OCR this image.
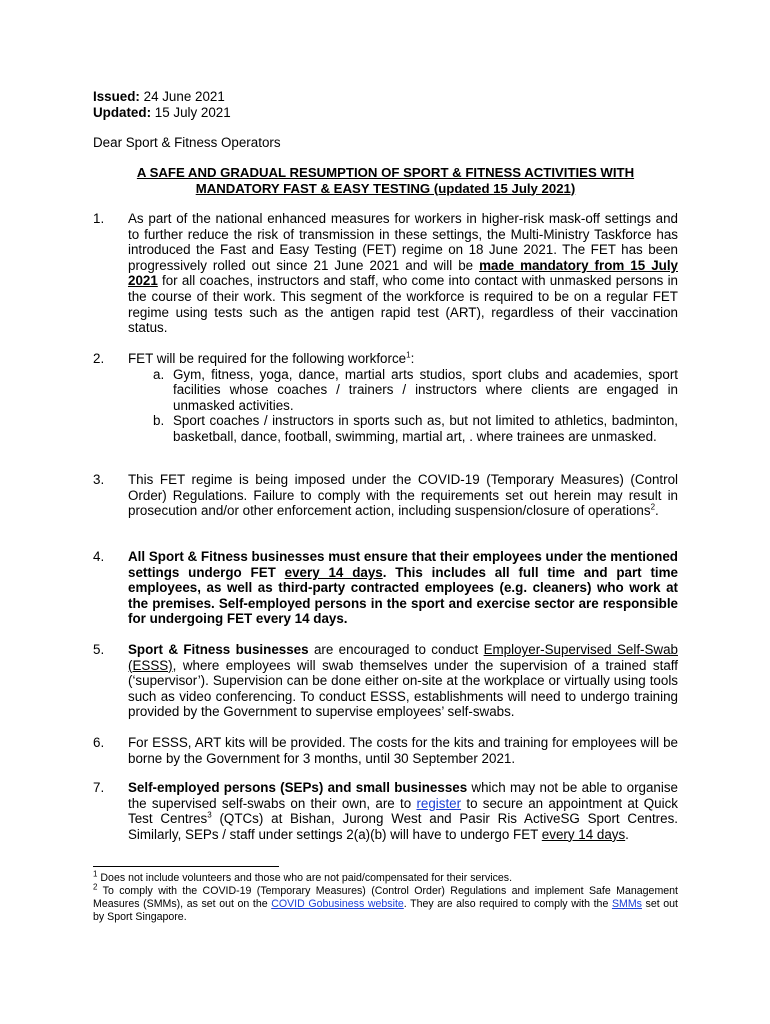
Issued: 24 June 2021
Updated: 15 July 2021
Dear Sport & Fitness Operators
A SAFE AND GRADUAL RESUMPTION OF SPORT & FITNESS ACTIVITIES WITH
MANDATORY FAST & EASY TESTING (updated 15 July 2021)
1. As part of the national enhanced measures for workers in higher-risk mask-off settings and to further reduce the risk of transmission in these settings, the Multi-Ministry Taskforce has introduced the Fast and Easy Testing (FET) regime on 18 June 2021. The FET has been progressively rolled out since 21 June 2021 and will be made mandatory from 15 July 2021 for all coaches, instructors and staff, who come into contact with unmasked persons in the course of their work. This segment of the workforce is required to be on a regular FET regime using tests such as the antigen rapid test (ART), regardless of their vaccination status.
2. FET will be required for the following workforce$^1$:
a. Gym, fitness, yoga, dance, martial arts studios, sport clubs and academies, sport facilities whose coaches / trainers / instructors where clients are engaged in unmasked activities.
b. Sport coaches / instructors in sports such as, but not limited to athletics, badminton, basketball, dance, football, swimming, martial art, . where trainees are unmasked.
3. This FET regime is being imposed under the COVID-19 (Temporary Measures) (Control Order) Regulations. Failure to comply with the requirements set out herein may result in prosecution and/or other enforcement action, including suspension/closure of operations$^2$.
4. All Sport & Fitness businesses must ensure that their employees under the mentioned settings undergo FET every 14 days. This includes all full time and part time employees, as well as third-party contracted employees (e.g. cleaners) who work at the premises. Self-employed persons in the sport and exercise sector are responsible for undergoing FET every 14 days.
5. Sport & Fitness businesses are encouraged to conduct Employer-Supervised Self-Swab (ESSS), where employees will swab themselves under the supervision of a trained staff (‘supervisor’). Supervision can be done either on-site at the workplace or virtually using tools such as video conferencing. To conduct ESSS, establishments will need to undergo training provided by the Government to supervise employees’ self-swabs.
6. For ESSS, ART kits will be provided. The costs for the kits and training for employees will be borne by the Government for 3 months, until 30 September 2021.
7. Self-employed persons (SEPs) and small businesses which may not be able to organise the supervised self-swabs on their own, are to register to secure an appointment at Quick Test Centres$^3$ (QTCs) at Bishan, Jurong West and Pasir Ris ActiveSG Sport Centres. Similarly, SEPs / staff under settings 2(a)(b) will have to undergo FET every 14 days.
$^1$ Does not include volunteers and those who are not paid/compensated for their services.
$^2$ To comply with the COVID-19 (Temporary Measures) (Control Order) Regulations and implement Safe Management Measures (SMMs), as set out on the COVID Gobusiness website. They are also required to comply with the SMMs set out by Sport Singapore.
